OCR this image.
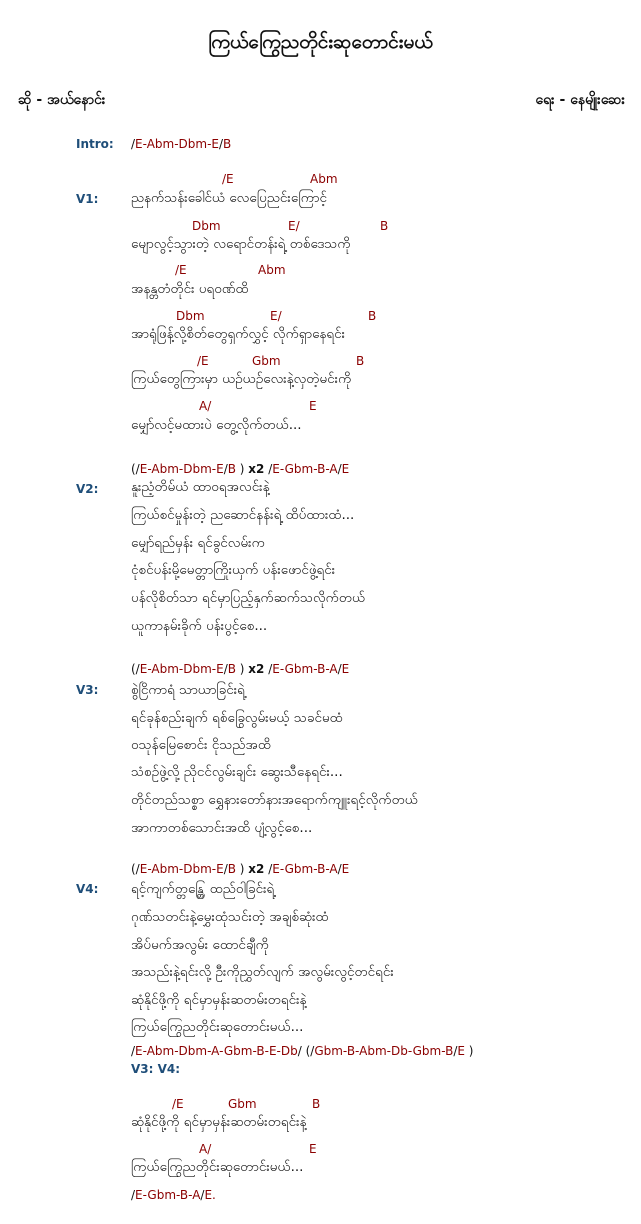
ကြယ်ကြွေညတိုင်းဆုတောင်းမယ်
ဆို - အယ်နောင်း	ရေး - နေမျိုးဆေး
Intro: /E-Abm-Dbm-E/B
V1:
/E	Abm
ညနက်သန်းခေါင်ယံ လေပြေညင်းကြောင့်
Dbm	E/	B
မျောလွင့်သွားတဲ့ လရောင်တန်းရဲ့ တစ်ဒေသကို
/E	Abm
အနန္တတံတိုင်း ပရဝဏ်ထိ
Dbm	E/	B
အာရုံဖြန့်လို့စိတ်တွေရှက်လွှင့် လိုက်ရှာနေရင်း
/E	Gbm	B
ကြယ်တွေကြားမှာ ယဉ်ယဉ်လေးနဲ့လှတဲ့မင်းကို
A/	E
မျှော်လင့်မထားပဲ တွေ့လိုက်တယ်...
(/E-Abm-Dbm-E/B ) x2 /E-Gbm-B-A/E
V2: နူးညံ့တိမ်ယံ ထာဝရအလင်းနဲ့
ကြယ်စင်မှုန်းတဲ့ ညဆောင်နန်းရဲ့ ထိပ်ထားထံ...
မျှော်ရည်မှန်း ရင်ခွင်လမ်းက
ငုံစင်ပန်းမို့မေတ္တာကြိုးယှက် ပန်းဖောင်ဖွဲ့ရင်း
ပန်လိုစိတ်သာ ရင်မှာပြည့်နှက်ဆက်သလိုက်တယ်
ယူကာနမ်းခိုက် ပန်းပွင့်စေ...
(/E-Abm-Dbm-E/B ) x2 /E-Gbm-B-A/E
V3: စွဲငြိကာရံ သာယာခြင်းရဲ့
ရင်ခုန်စည်းချက် ရစ်ခြွေလွမ်းမယ့် သခင်မထံ
ဝသုန်မြေစောင်း ငိုသည်အထိ
သံစဉ်ဖွဲ့လို့ ညိုငင်လွမ်းချင်း ဆွေးသီနေရင်း...
တိုင်တည်သစ္စာ ရွှေနားတော်နားအရောက်ကျူးရင့်လိုက်တယ်
အာကာတစ်သောင်းအထိ ပျံ့လွင့်စေ...
(/E-Abm-Dbm-E/B ) x2 /E-Gbm-B-A/E
V4: ရင့်ကျက်တ္တန္တြေ ထည်ဝါခြင်းရဲ့
ဂုဏ်သတင်းနဲ့မွှေးထုံသင်းတဲ့ အချစ်ဆုံးထံ
အိပ်မက်အလွမ်း ထောင်ချီကို
အသည်းနဲ့ရင်းလို့ ဦးကိုညွှတ်လျက် အလွမ်းလွင့်တင်ရင်း
ဆုံနိုင်ဖို့ကို ရင်မှာမှန်းဆတမ်းတရင်းနဲ့
ကြယ်ကြွေညတိုင်းဆုတောင်းမယ်...
/E-Abm-Dbm-A-Gbm-B-E-Db/ (/Gbm-B-Abm-Db-Gbm-B/E )
V3: V4:
/E	Gbm	B
ဆုံနိုင်ဖို့ကို ရင်မှာမှန်းဆတမ်းတရင်းနဲ့
A/	E
ကြယ်ကြွေညတိုင်းဆုတောင်းမယ်...
/E-Gbm-B-A/E.
